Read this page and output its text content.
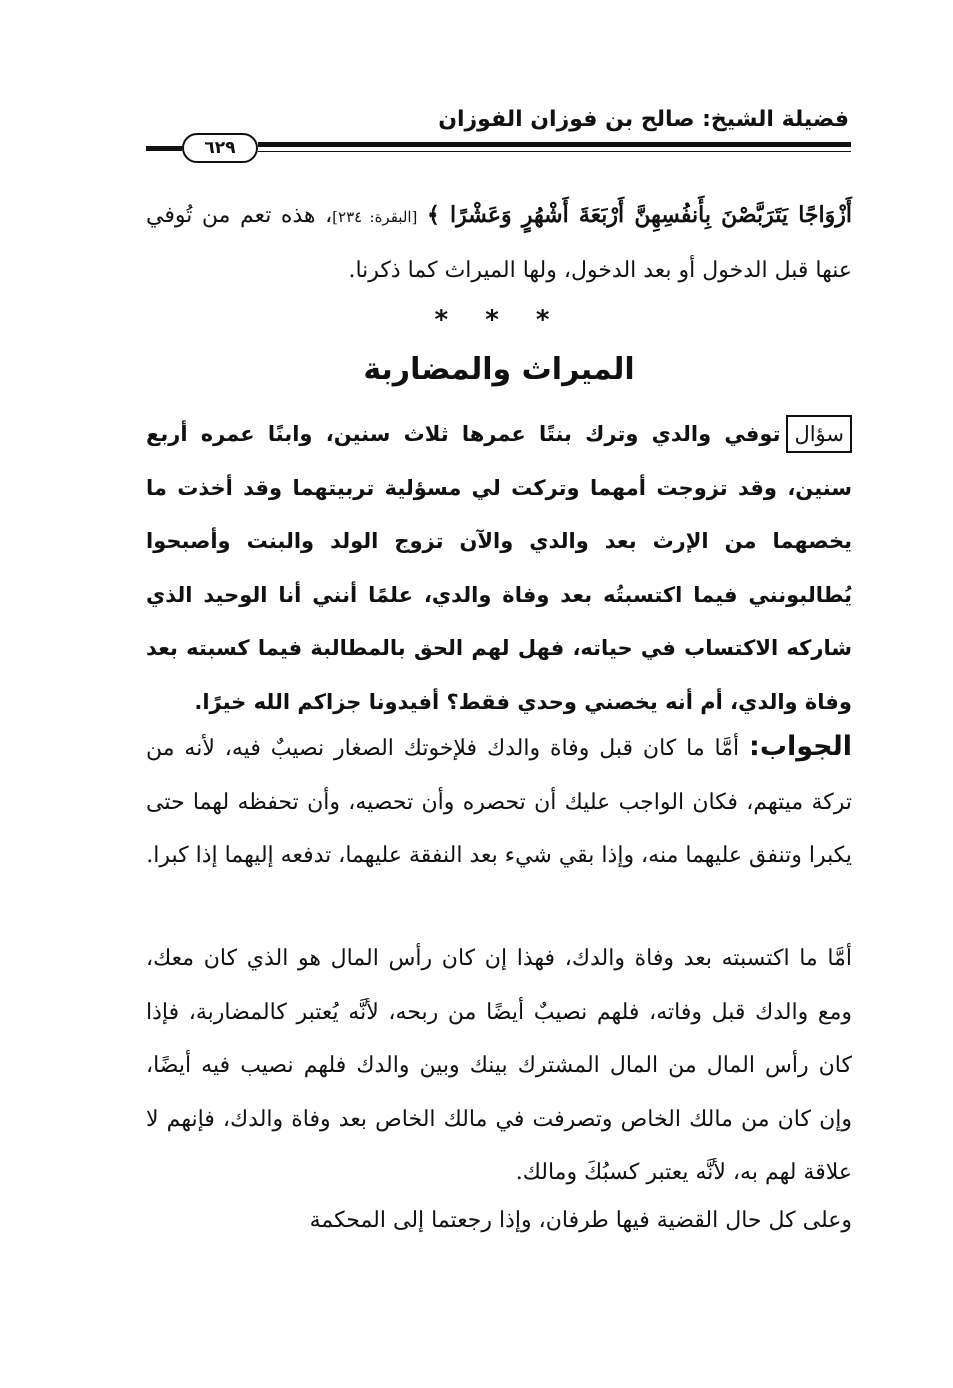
فضيلة الشيخ: صالح بن فوزان الفوزان
٦٢٩
أَزْوَاجًا يَتَرَبَّصْنَ بِأَنفُسِهِنَّ أَرْبَعَةَ أَشْهُرٍ وَعَشْرًا ﴾ [البقرة: ٢٣٤]، هذه تعم من تُوفي عنها قبل الدخول أو بعد الدخول، ولها الميراث كما ذكرنا.
* * *
الميراث والمضاربة
سؤالتوفي والدي وترك بنتًا عمرها ثلاث سنين، وابنًا عمره أربع سنين، وقد تزوجت أمهما وتركت لي مسؤلية تربيتهما وقد أخذت ما يخصهما من الإرث بعد والدي والآن تزوج الولد والبنت وأصبحوا يُطالبونني فيما اكتسبتُه بعد وفاة والدي، علمًا أنني أنا الوحيد الذي شاركه الاكتساب في حياته، فهل لهم الحق بالمطالبة فيما كسبته بعد وفاة والدي، أم أنه يخصني وحدي فقط؟ أفيدونا جزاكم الله خيرًا.
الجواب: أمَّا ما كان قبل وفاة والدك فلإخوتك الصغار نصيبٌ فيه، لأنه من تركة ميتهم، فكان الواجب عليك أن تحصره وأن تحصيه، وأن تحفظه لهما حتى يكبرا وتنفق عليهما منه، وإذا بقي شيء بعد النفقة عليهما، تدفعه إليهما إذا كبرا.
أمَّا ما اكتسبته بعد وفاة والدك، فهذا إن كان رأس المال هو الذي كان معك، ومع والدك قبل وفاته، فلهم نصيبٌ أيضًا من ربحه، لأنَّه يُعتبر كالمضاربة، فإذا كان رأس المال من المال المشترك بينك وبين والدك فلهم نصيب فيه أيضًا، وإن كان من مالك الخاص وتصرفت في مالك الخاص بعد وفاة والدك، فإنهم لا علاقة لهم به، لأنَّه يعتبر كسبُكَ ومالك.
وعلى كل حال القضية فيها طرفان، وإذا رجعتما إلى المحكمة
